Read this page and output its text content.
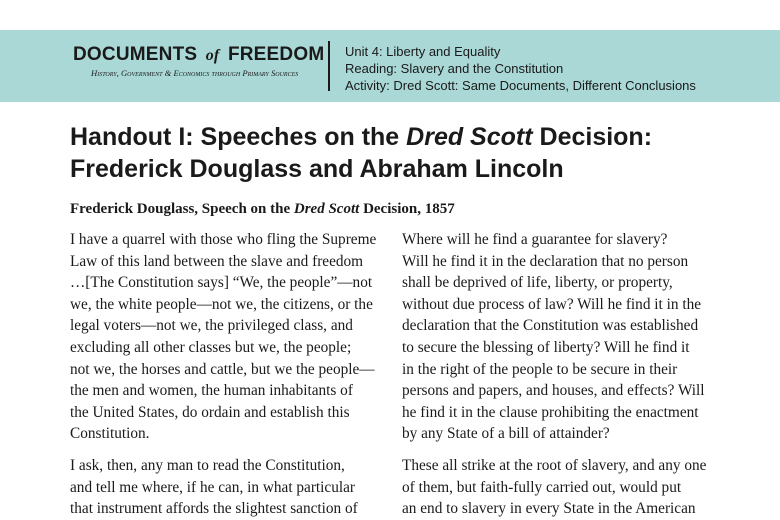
DOCUMENTS of FREEDOM
History, Government & Economics through Primary Sources
Unit 4: Liberty and Equality
Reading: Slavery and the Constitution
Activity: Dred Scott: Same Documents, Different Conclusions
Handout I: Speeches on the Dred Scott Decision:
Frederick Douglass and Abraham Lincoln
Frederick Douglass, Speech on the Dred Scott Decision, 1857
I have a quarrel with those who fling the Supreme
Law of this land between the slave and freedom
…[The Constitution says] “We, the people”—not
we, the white people—not we, the citizens, or the
legal voters—not we, the privileged class, and
excluding all other classes but we, the people;
not we, the horses and cattle, but we the people—
the men and women, the human inhabitants of
the United States, do ordain and establish this
Constitution.
I ask, then, any man to read the Constitution,
and tell me where, if he can, in what particular
that instrument affords the slightest sanction of
Where will he find a guarantee for slavery?
Will he find it in the declaration that no person
shall be deprived of life, liberty, or property,
without due process of law? Will he find it in the
declaration that the Constitution was established
to secure the blessing of liberty? Will he find it
in the right of the people to be secure in their
persons and papers, and houses, and effects? Will
he find it in the clause prohibiting the enactment
by any State of a bill of attainder?
These all strike at the root of slavery, and any one
of them, but faith-fully carried out, would put
an end to slavery in every State in the American
